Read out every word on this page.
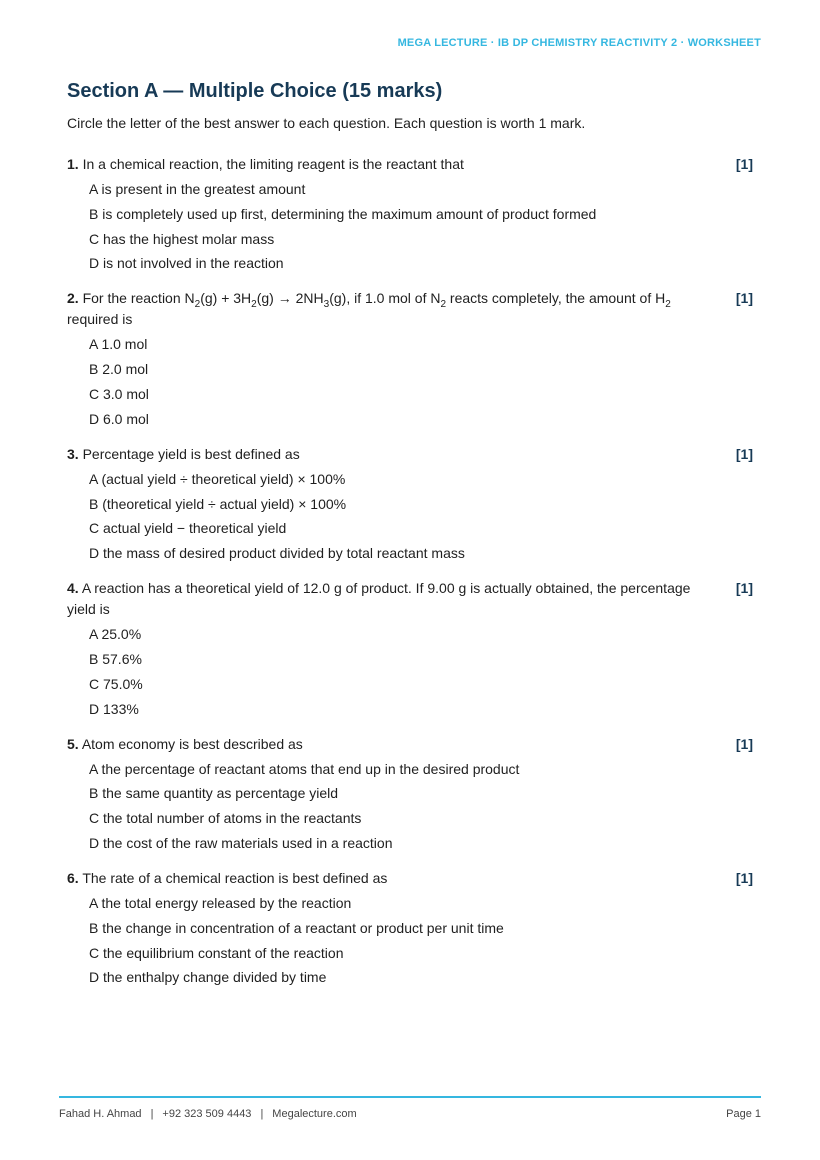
MEGA LECTURE · IB DP CHEMISTRY REACTIVITY 2 · WORKSHEET
Section A — Multiple Choice (15 marks)

Circle the letter of the best answer to each question. Each question is worth 1 mark.

1. In a chemical reaction, the limiting reagent is the reactant that	[1]
A is present in the greatest amount
B is completely used up first, determining the maximum amount of product formed
C has the highest molar mass
D is not involved in the reaction

2. For the reaction $N_2(g) + 3H_2(g) \to 2NH_3(g)$, if 1.0 mol of $N_2$ reacts completely, the amount of $H_2$ required is

[1]
A 1.0 mol
B 2.0 mol
C 3.0 mol
D 6.0 mol

3. Percentage yield is best defined as	[1]
A (actual yield ÷ theoretical yield) × 100%
B (theoretical yield ÷ actual yield) × 100%
C actual yield − theoretical yield
D the mass of desired product divided by total reactant mass

4. A reaction has a theoretical yield of 12.0 g of product. If 9.00 g is actually obtained, the percentage yield is

[1]
A 25.0%
B 57.6%
C 75.0%
D 133%

5. Atom economy is best described as	[1]
A the percentage of reactant atoms that end up in the desired product
B the same quantity as percentage yield
C the total number of atoms in the reactants
D the cost of the raw materials used in a reaction

6. The rate of a chemical reaction is best defined as	[1]
A the total energy released by the reaction
B the change in concentration of a reactant or product per unit time
C the equilibrium constant of the reaction
D the enthalpy change divided by time
Fahad H. Ahmad | +92 323 509 4443 | Megalecture.com	Page 1
